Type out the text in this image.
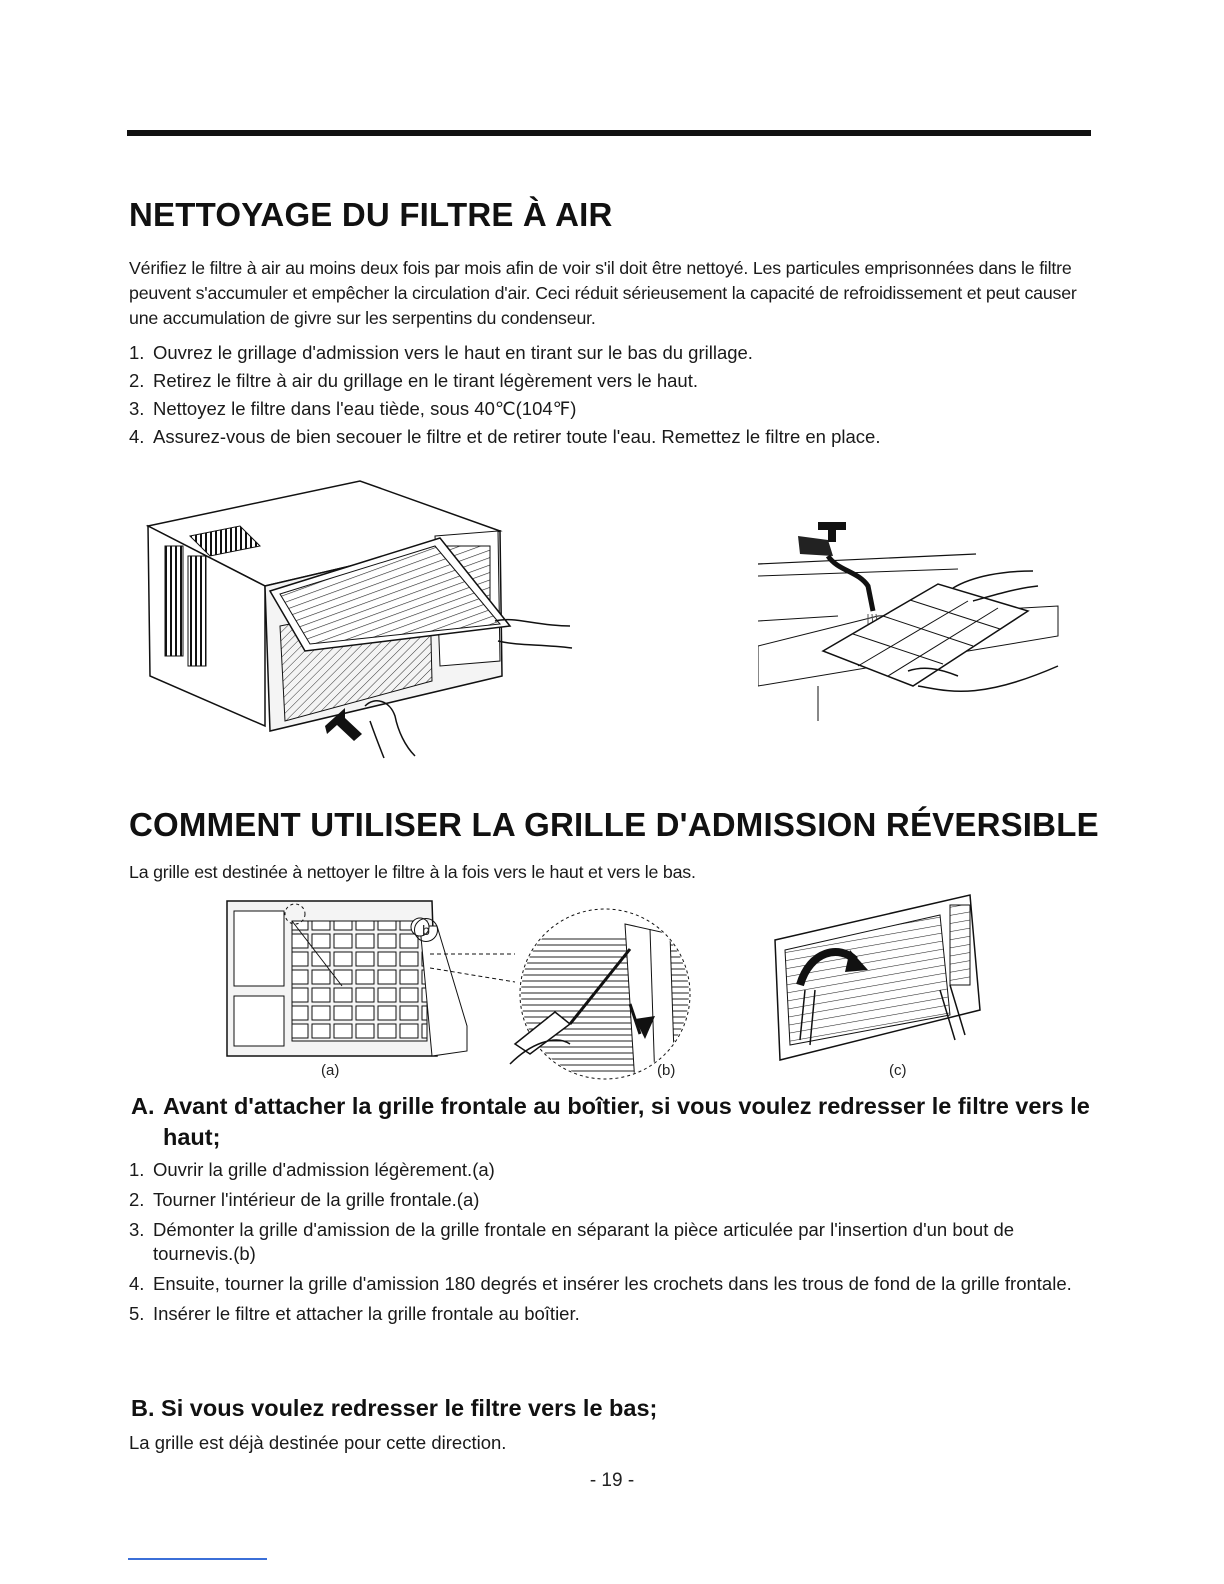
NETTOYAGE DU FILTRE À AIR
Vérifiez le filtre à air au moins deux fois par mois afin de voir s'il doit être nettoyé. Les particules emprisonnées dans le filtre peuvent s'accumuler et empêcher la circulation d'air. Ceci réduit sérieusement la capacité de refroidissement et peut causer une accumulation de givre sur les serpentins du condenseur.
1. Ouvrez le grillage d'admission vers le haut en tirant sur le bas du grillage.
2. Retirez le filtre à air du grillage en le tirant légèrement vers le haut.
3. Nettoyez le filtre dans l'eau tiède, sous 40℃(104℉)
4. Assurez-vous de bien secouer le filtre et de retirer toute l'eau. Remettez le filtre en place.
COMMENT UTILISER LA GRILLE D'ADMISSION RÉVERSIBLE
La grille est destinée à nettoyer le filtre à la fois vers le haut et vers le bas.
b
(a)	(b)	(c)
A. Avant d'attacher la grille frontale au boîtier, si vous voulez redresser le filtre vers le haut;
1. Ouvrir la grille d'admission légèrement.(a)
2. Tourner l'intérieur de la grille frontale.(a)
3. Démonter la grille d'amission de la grille frontale en séparant la pièce articulée par l'insertion d'un bout de tournevis.(b)
4. Ensuite, tourner la grille d'amission 180 degrés et insérer les crochets dans les trous de fond de la grille frontale.
5. Insérer le filtre et attacher la grille frontale au boîtier.
B. Si vous voulez redresser le filtre vers le bas;
La grille est déjà destinée pour cette direction.
- 19 -
